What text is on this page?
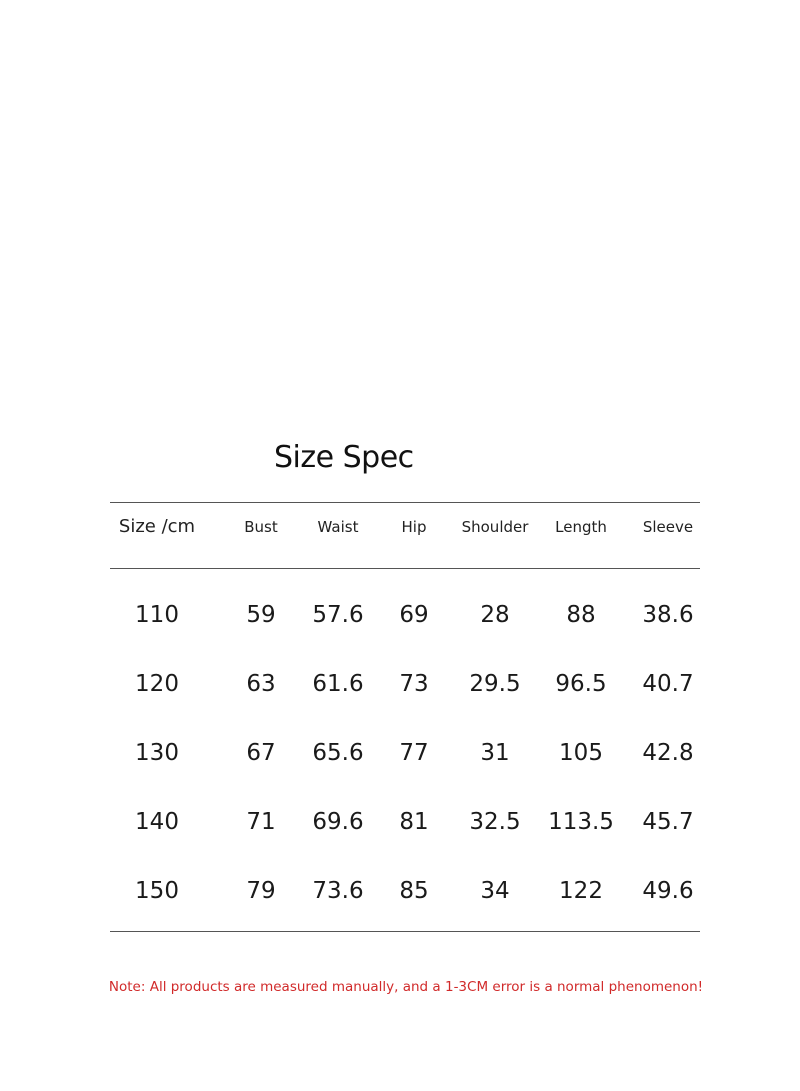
Size Spec
Size /cm	Bust	Waist	Hip Shoulder Length Sleeve
110	59 57.6 69 28 88 38.6
120	63 61.6 73 29.5 96.5 40.7
130	67 65.6 77 31 105 42.8
140	71 69.6 81 32.5 113.5 45.7
150	79 73.6 85 34 122 49.6
Note: All products are measured manually, and a 1-3CM error is a normal phenomenon!
